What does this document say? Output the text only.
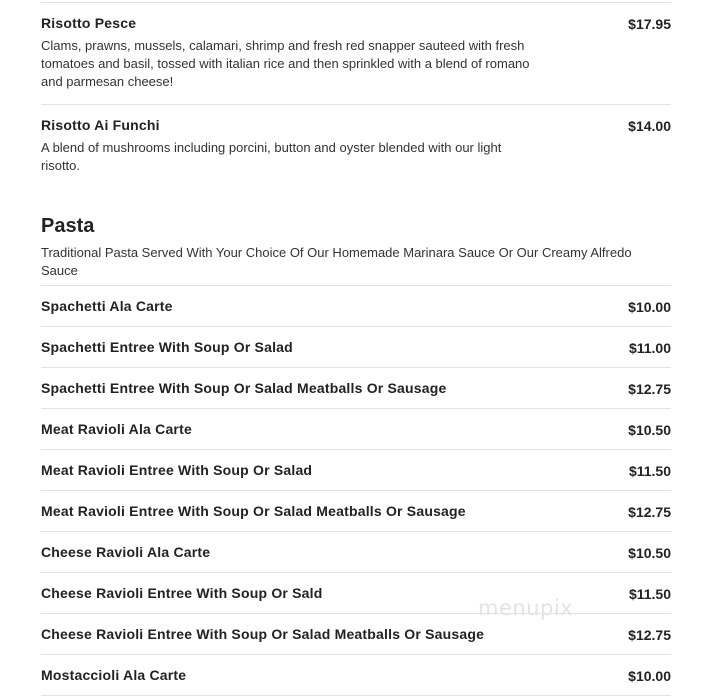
Risotto Pesce	$17.95
Clams, prawns, mussels, calamari, shrimp and fresh red snapper sauteed with fresh tomatoes and basil, tossed with italian rice and then sprinkled with a blend of romano and parmesan cheese!
Risotto Ai Funchi	$14.00
A blend of mushrooms including porcini, button and oyster blended with our light risotto.
Pasta
Traditional Pasta Served With Your Choice Of Our Homemade Marinara Sauce Or Our Creamy Alfredo Sauce
Spachetti Ala Carte	$10.00
Spachetti Entree With Soup Or Salad	$11.00
Spachetti Entree With Soup Or Salad Meatballs Or Sausage	$12.75
Meat Ravioli Ala Carte	$10.50
Meat Ravioli Entree With Soup Or Salad	$11.50
Meat Ravioli Entree With Soup Or Salad Meatballs Or Sausage	$12.75
Cheese Ravioli Ala Carte	$10.50
Cheese Ravioli Entree With Soup Or Sald	$11.50
Cheese Ravioli Entree With Soup Or Salad Meatballs Or Sausage	$12.75
Mostaccioli Ala Carte	$10.00
menupix
